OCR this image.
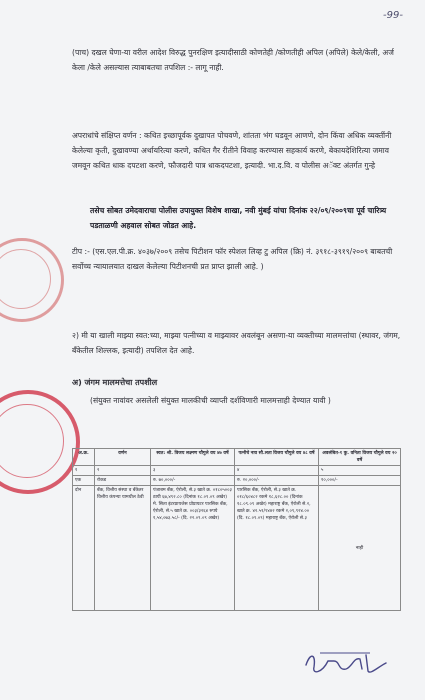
-99-
(पाच) दखल घेणा-या वरील आदेश विरुद्ध पुनरक्षिण इत्यादीसाठी कोणतेही /कोणतीही अपिल (अपिले) केले/केली, अर्ज केला /केले असल्यास त्याबाबतचा तपशिल :- लागू नाही.
अपराधांचे संक्षिप्त वर्णन : कथित इच्छापूर्वक दुखापत पोचवणे, शांतता भंग घडवून आणणे, दोन किंवा अधिक व्यक्तींनी केलेल्या कृती, दुखावण्या अर्थायरित्या करणे, कथित गैर रीतीने विवाह करण्यास सहकार्य करणे, बेकायदेशिरित्या जमाव जमवून कथित धाक दपटशा करणे, फौजदारी पात्र धाकदपटशा, इत्यादी. भा.द.वि. व पोलीस अॅक्ट अंतर्गत गुन्हे
तसेच सोबत उमेदवाराचा पोलीस उपायुक्त विशेष शाखा, नवी मुंबई यांचा दिनांक २२/०९/२००९चा पूर्व चारित्र्य पडताळणी अहवाल सोबत जोडत आहे.
टीप :- (एस.एल.पी.क्र. ४०३७/२००९ तसेच पिटीशन फॉर स्पेशल लिव्ह टु अपिल (क्रि) नं. ३९१८-३९१९/२००९ बाबतची सर्वोच्च न्यायालयात दाखल केलेल्या पिटीशनची प्रत प्राप्त झाली आहे. )
२) मी या खाली माझ्या स्वत:च्या, माझ्या पत्नीच्या व माझ्यावर अवलंबून असणा-या व्यक्तीच्या मालमत्तांचा (स्थावर, जंगम, बँकेतील शिल्लक, इत्यादी) तपशिल देत आहे.
अ) जंगम मालमत्तेचा तपशील
(संयुक्त नावांवर असलेली संयुक्त मालकीची व्याप्ती दर्शविणारी मालमत्ताही देण्यात यावी )
अ.क्र.	वर्णन	स्वत: श्री. विजय लक्ष्मण चौगुले वय ४७ वर्षे	पत्नीचे नाव सौ.लता विजय चौगुले वय ४८ वर्षे	अवलंबित-१ कु. वनिता विजय चौगुले वय २० वर्षे
१	२	३	४	५
एक	रोकड	रु. ७०,०००/-	रु. २०,०००/-	१०,०००/-
दोन	बँक, वित्तीय संस्था व बँकेतर वित्तीय कंपन्या यामधील ठेवी	पंजाबम बँक, ऐरोली, से.३ खाते क्र. ०१८०५००३ ठायी ६७,४९२.८० (दिनांक १८.०९.०९ अखेर) मे. सिता इंटरप्रायजेस प्रोप्रायटर पारसिक बँक, ऐरोली, से.५ खाते क्र. ००३/३२६४ रुपये १,५४,०७३.५८/- (दि. २२.०९.०९ अखेर)	पारसिक बँक, ऐरोली, से.३ खाते क्र. ०१८/६०४८२ रकमे १८,६२८.०० (दिनांक १८.०९.०९ अखेर) महाराष्ट्र बँक, ऐरोली से.२, खाते क्र. ४२.५१/९४४२ रकमे २,०९,९२४.०० (दि. १८.०९.०९) महाराष्ट्र बँक, ऐरोली से.३	नाही
